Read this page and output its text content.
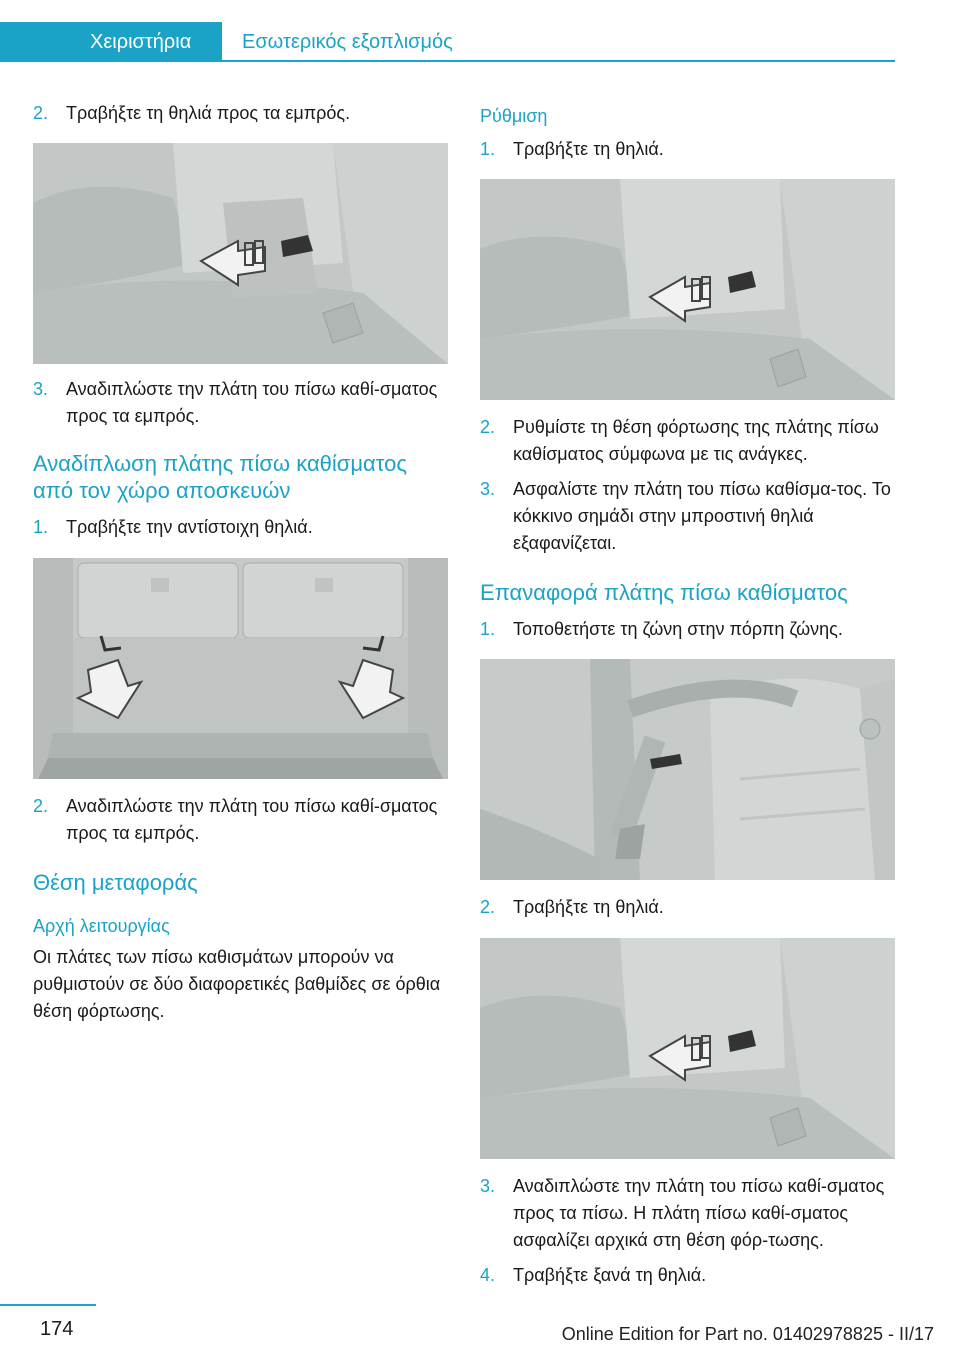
Χειριστήρια	Εσωτερικός εξοπλισμός
2. Τραβήξτε τη θηλιά προς τα εμπρός.
3. Αναδιπλώστε την πλάτη του πίσω καθί‐σματος προς τα εμπρός.
Αναδίπλωση πλάτης πίσω καθίσματος από τον χώρο αποσκευών
1. Τραβήξτε την αντίστοιχη θηλιά.
2. Αναδιπλώστε την πλάτη του πίσω καθί‐σματος προς τα εμπρός.
Θέση μεταφοράς
Αρχή λειτουργίας

Οι πλάτες των πίσω καθισμάτων μπορούν να ρυθμιστούν σε δύο διαφορετικές βαθμίδες σε όρθια θέση φόρτωσης.

Ρύθμιση
1. Τραβήξτε τη θηλιά.
2. Ρυθμίστε τη θέση φόρτωσης της πλάτης πίσω καθίσματος σύμφωνα με τις ανάγκες.
3. Ασφαλίστε την πλάτη του πίσω καθίσμα‐τος. Το κόκκινο σημάδι στην μπροστινή θηλιά εξαφανίζεται.
Επαναφορά πλάτης πίσω καθίσματος
1. Τοποθετήστε τη ζώνη στην πόρπη ζώνης.
2. Τραβήξτε τη θηλιά.
3. Αναδιπλώστε την πλάτη του πίσω καθί‐σματος προς τα πίσω. Η πλάτη πίσω καθί‐σματος ασφαλίζει αρχικά στη θέση φόρ‐τωσης.
4. Τραβήξτε ξανά τη θηλιά.
174	Online Edition for Part no. 01402978825 - II/17
